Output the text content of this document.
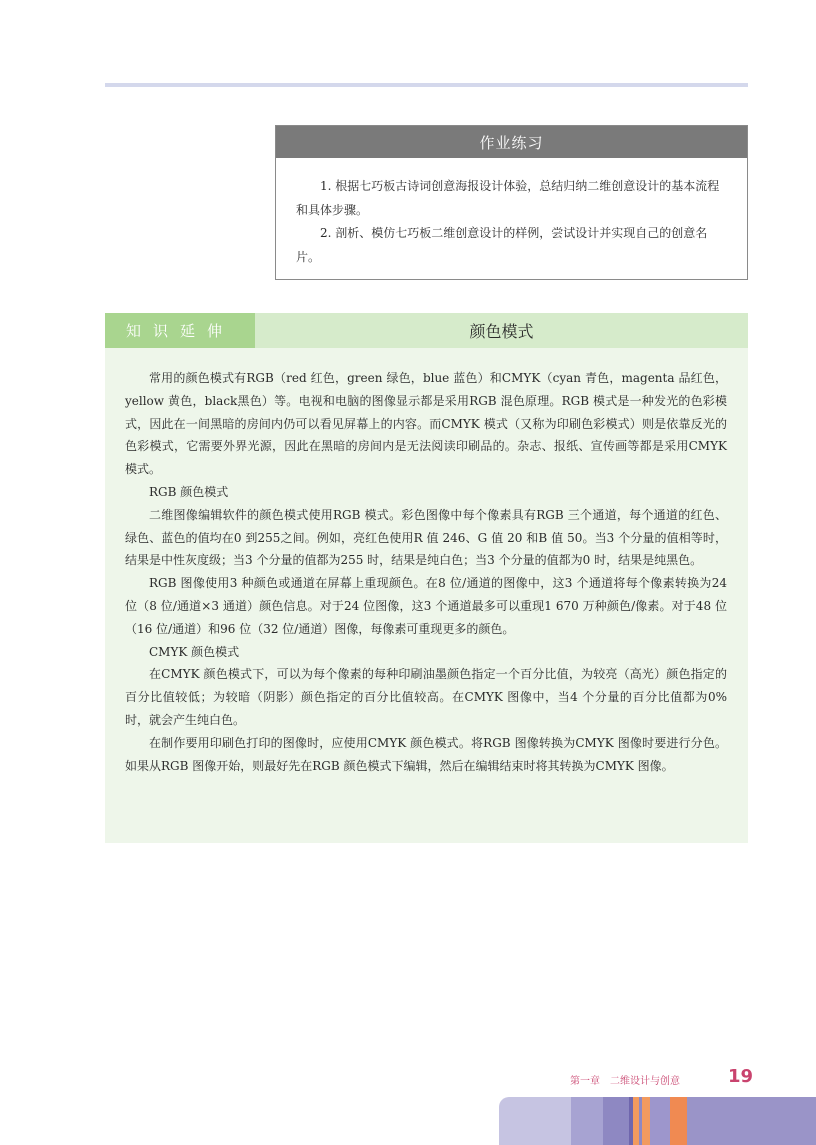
作业练习

1. 根据七巧板古诗词创意海报设计体验，总结归纳二维创意设计的基本流程和具体步骤。

2. 剖析、模仿七巧板二维创意设计的样例，尝试设计并实现自己的创意名片。

知识延伸	颜色模式

常用的颜色模式有RGB（red 红色，green 绿色，blue 蓝色）和CMYK（cyan 青色，magenta 品红色，yellow 黄色，black黑色）等。电视和电脑的图像显示都是采用RGB 混色原理。RGB 模式是一种发光的色彩模式，因此在一间黑暗的房间内仍可以看见屏幕上的内容。而CMYK 模式（又称为印刷色彩模式）则是依靠反光的色彩模式，它需要外界光源，因此在黑暗的房间内是无法阅读印刷品的。杂志、报纸、宣传画等都是采用CMYK 模式。

RGB 颜色模式

二维图像编辑软件的颜色模式使用RGB 模式。彩色图像中每个像素具有RGB 三个通道，每个通道的红色、绿色、蓝色的值均在0 到255之间。例如，亮红色使用R 值 246、G 值 20 和B 值 50。当3 个分量的值相等时，结果是中性灰度级；当3 个分量的值都为255 时，结果是纯白色；当3 个分量的值都为0 时，结果是纯黑色。

RGB 图像使用3 种颜色或通道在屏幕上重现颜色。在8 位/通道的图像中，这3 个通道将每个像素转换为24 位（8 位/通道×3 通道）颜色信息。对于24 位图像，这3 个通道最多可以重现1 670 万种颜色/像素。对于48 位（16 位/通道）和96 位（32 位/通道）图像，每像素可重现更多的颜色。

CMYK 颜色模式

在CMYK 颜色模式下，可以为每个像素的每种印刷油墨颜色指定一个百分比值，为较亮（高光）颜色指定的百分比值较低；为较暗（阴影）颜色指定的百分比值较高。在CMYK 图像中，当4 个分量的百分比值都为0% 时，就会产生纯白色。

在制作要用印刷色打印的图像时，应使用CMYK 颜色模式。将RGB 图像转换为CMYK 图像时要进行分色。如果从RGB 图像开始，则最好先在RGB 颜色模式下编辑，然后在编辑结束时将其转换为CMYK 图像。

第一章　二维设计与创意	19
